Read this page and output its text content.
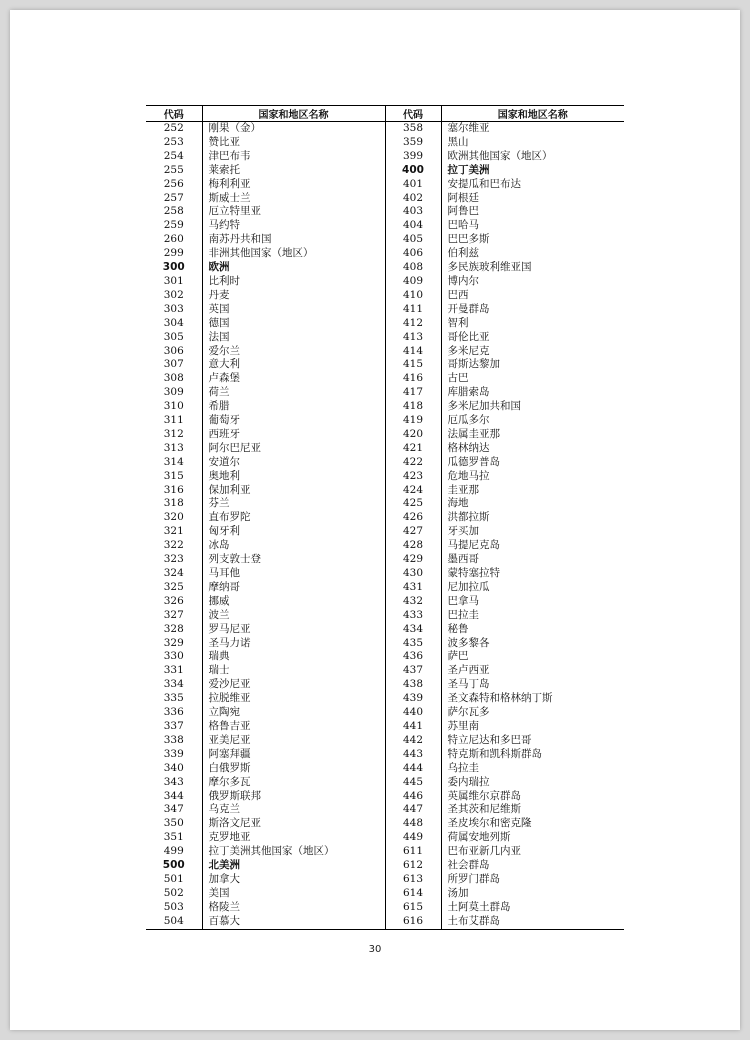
代码	国家和地区名称	代码	国家和地区名称
252	刚果（金）	358	塞尔维亚
253	赞比亚	359	黑山
254	津巴布韦	399	欧洲其他国家（地区）
255	莱索托	400	拉丁美洲
256	梅利利亚	401	安提瓜和巴布达
257	斯威士兰	402	阿根廷
258	厄立特里亚	403	阿鲁巴
259	马约特	404	巴哈马
260	南苏丹共和国	405	巴巴多斯
299	非洲其他国家（地区）	406	伯利兹
300	欧洲	408	多民族玻利维亚国
301	比利时	409	博内尔
302	丹麦	410	巴西
303	英国	411	开曼群岛
304	德国	412	智利
305	法国	413	哥伦比亚
306	爱尔兰	414	多米尼克
307	意大利	415	哥斯达黎加
308	卢森堡	416	古巴
309	荷兰	417	库腊索岛
310	希腊	418	多米尼加共和国
311	葡萄牙	419	厄瓜多尔
312	西班牙	420	法属圭亚那
313	阿尔巴尼亚	421	格林纳达
314	安道尔	422	瓜德罗普岛
315	奥地利	423	危地马拉
316	保加利亚	424	圭亚那
318	芬兰	425	海地
320	直布罗陀	426	洪都拉斯
321	匈牙利	427	牙买加
322	冰岛	428	马提尼克岛
323	列支敦士登	429	墨西哥
324	马耳他	430	蒙特塞拉特
325	摩纳哥	431	尼加拉瓜
326	挪威	432	巴拿马
327	波兰	433	巴拉圭
328	罗马尼亚	434	秘鲁
329	圣马力诺	435	波多黎各
330	瑞典	436	萨巴
331	瑞士	437	圣卢西亚
334	爱沙尼亚	438	圣马丁岛
335	拉脱维亚	439	圣文森特和格林纳丁斯
336	立陶宛	440	萨尔瓦多
337	格鲁吉亚	441	苏里南
338	亚美尼亚	442	特立尼达和多巴哥
339	阿塞拜疆	443	特克斯和凯科斯群岛
340	白俄罗斯	444	乌拉圭
343	摩尔多瓦	445	委内瑞拉
344	俄罗斯联邦	446	英属维尔京群岛
347	乌克兰	447	圣其茨和尼维斯
350	斯洛文尼亚	448	圣皮埃尔和密克隆
351	克罗地亚	449	荷属安地列斯
499	拉丁美洲其他国家（地区）	611	巴布亚新几内亚
500	北美洲	612	社会群岛
501	加拿大	613	所罗门群岛
502	美国	614	汤加
503	格陵兰	615	土阿莫土群岛
504	百慕大	616	土布艾群岛
30
